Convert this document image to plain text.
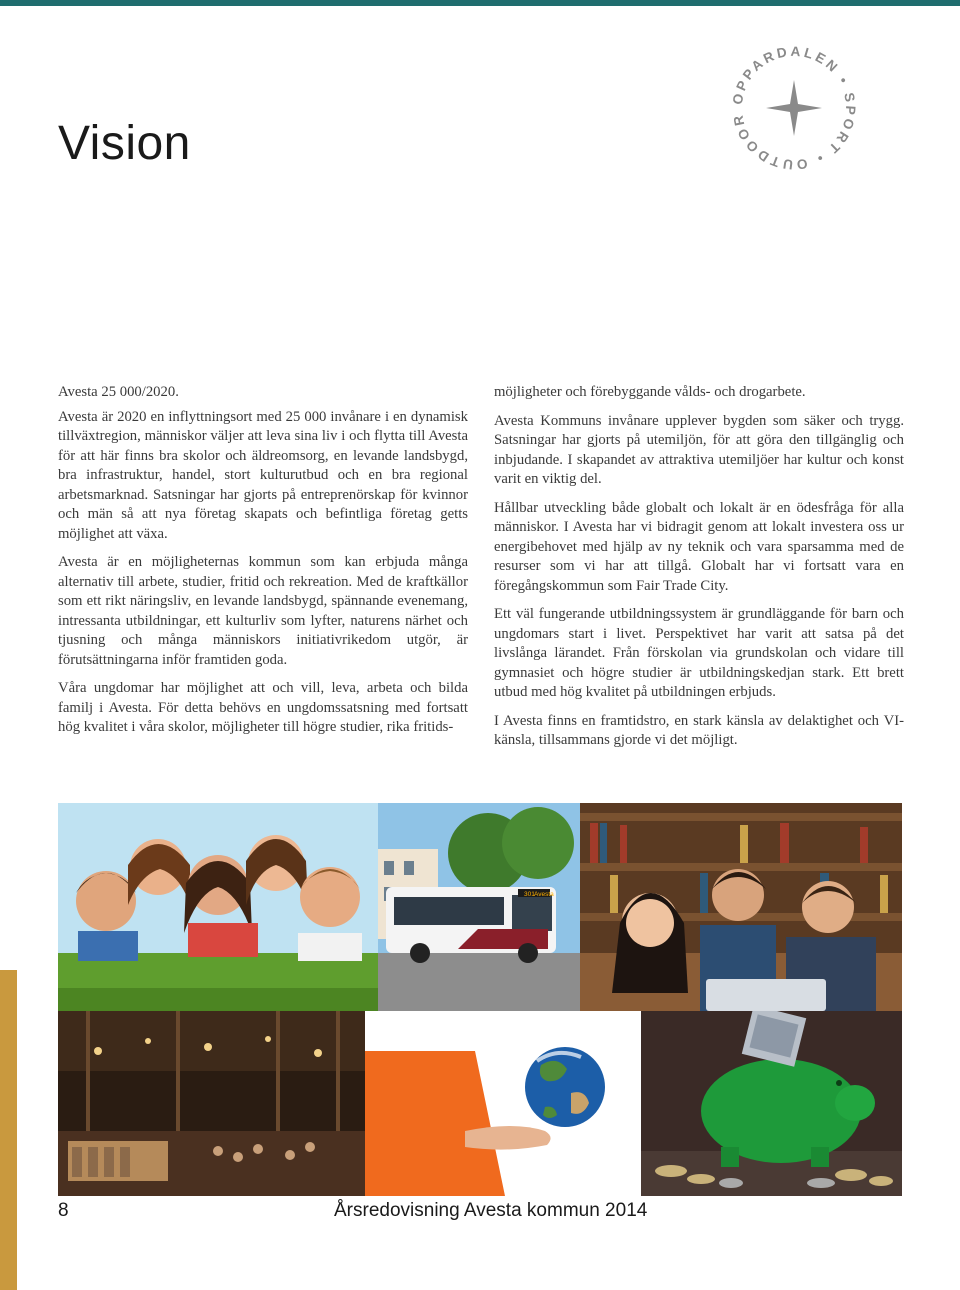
Vision
OPPARDALEN • SPORT • OUTDOOR

Avesta 25 000/2020.

Avesta är 2020 en inflyttningsort med 25 000 invånare i en dynamisk tillväxtregion, människor väljer att leva sina liv i och flytta till Avesta för att här finns bra skolor och äldreomsorg, en levande landsbygd, bra infrastruktur, handel, stort kulturutbud och en bra regional arbetsmarknad. Satsningar har gjorts på entreprenörskap för kvinnor och män så att nya företag skapats och befintliga företag getts möjlighet att växa.

Avesta är en möjligheternas kommun som kan erbjuda många alternativ till arbete, studier, fritid och rekreation. Med de kraftkällor som ett rikt näringsliv, en levande landsbygd, spännande evenemang, intressanta utbildningar, ett kulturliv som lyfter, naturens närhet och tjusning och många människors initiativrikedom utgör, är förutsättningarna inför framtiden goda.

Våra ungdomar har möjlighet att och vill, leva, arbeta och bilda familj i Avesta. För detta behövs en ungdomssatsning med fortsatt hög kvalitet i våra skolor, möjligheter till högre studier, rika fritids-

möjligheter och förebyggande vålds- och drogarbete.

Avesta Kommuns invånare upplever bygden som säker och trygg. Satsningar har gjorts på utemiljön, för att göra den tillgänglig och inbjudande. I skapandet av attraktiva utemiljöer har kultur och konst varit en viktig del.

Hållbar utveckling både globalt och lokalt är en ödesfråga för alla människor. I Avesta har vi bidragit genom att lokalt investera oss ur energibehovet med hjälp av ny teknik och vara sparsamma med de resurser som vi har att tillgå. Globalt har vi fortsatt vara en föregångskommun som Fair Trade City.

Ett väl fungerande utbildningssystem är grundläggande för barn och ungdomars start i livet. Perspektivet har varit att satsa på det livslånga lärandet. Från förskolan via grundskolan och vidare till gymnasiet och högre studier är utbildningskedjan stark. Ett brett utbud med hög kvalitet på utbildningen erbjuds.

I Avesta finns en framtidstro, en stark känsla av delaktighet och VI-känsla, tillsammans gjorde vi det möjligt.

301 Avesta
8	Årsredovisning Avesta kommun 2014
